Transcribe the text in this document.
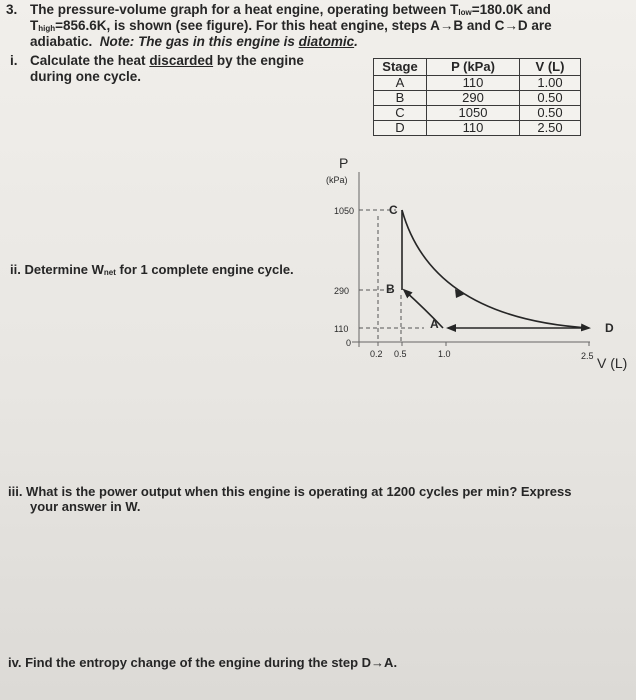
3. The pressure-volume graph for a heat engine, operating between $T_{low}=180.0K$ and
$T_{high}=856.6K$, is shown (see figure). For this heat engine, steps A→B and C→D are
adiabatic. Note: The gas in this engine is diatomic.
i. Calculate the heat discarded by the engine
during one cycle.
Stage	P (kPa)	V (L)
A	110	1.00
B	290	0.50
C	1050	0.50
D	110	2.50
P
(kPa)
V (L)
1050
290
110
0
0.2 0.5	1.0	2.5
A
B
C
D
ii. Determine $W_{net}$ for 1 complete engine cycle.
iii. What is the power output when this engine is operating at 1200 cycles per min? Express
your answer in W.
iv. Find the entropy change of the engine during the step D→A.
